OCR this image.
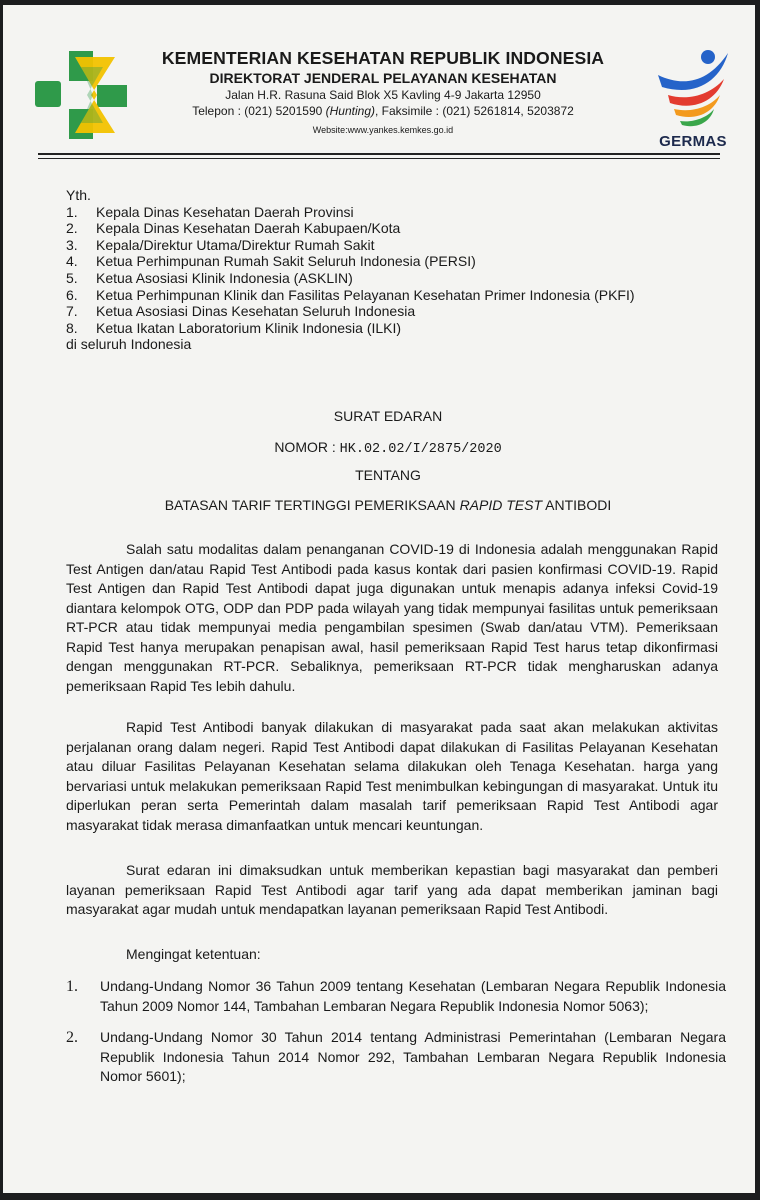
KEMENTERIAN KESEHATAN REPUBLIK INDONESIA
DIREKTORAT JENDERAL PELAYANAN KESEHATAN
Jalan H.R. Rasuna Said Blok X5 Kavling 4-9 Jakarta 12950
Telepon : (021) 5201590 (Hunting), Faksimile : (021) 5261814, 5203872
Website:www.yankes.kemkes.go.id
GERMAS
Yth.
1.	Kepala Dinas Kesehatan Daerah Provinsi
2.	Kepala Dinas Kesehatan Daerah Kabupaen/Kota
3.	Kepala/Direktur Utama/Direktur Rumah Sakit
4.	Ketua Perhimpunan Rumah Sakit Seluruh Indonesia (PERSI)
5.	Ketua Asosiasi Klinik Indonesia (ASKLIN)
6.	Ketua Perhimpunan Klinik dan Fasilitas Pelayanan Kesehatan Primer Indonesia (PKFI)
7.	Ketua Asosiasi Dinas Kesehatan Seluruh Indonesia
8.	Ketua Ikatan Laboratorium Klinik Indonesia (ILKI)
di seluruh Indonesia
SURAT EDARAN
NOMOR : HK.02.02/I/2875/2020
TENTANG
BATASAN TARIF TERTINGGI PEMERIKSAAN RAPID TEST ANTIBODI

Salah satu modalitas dalam penanganan COVID-19 di Indonesia adalah menggunakan Rapid Test Antigen dan/atau Rapid Test Antibodi pada kasus kontak dari pasien konfirmasi COVID-19. Rapid Test Antigen dan Rapid Test Antibodi dapat juga digunakan untuk menapis adanya infeksi Covid-19 diantara kelompok OTG, ODP dan PDP pada wilayah yang tidak mempunyai fasilitas untuk pemeriksaan RT-PCR atau tidak mempunyai media pengambilan spesimen (Swab dan/atau VTM). Pemeriksaan Rapid Test hanya merupakan penapisan awal, hasil pemeriksaan Rapid Test harus tetap dikonfirmasi dengan menggunakan RT-PCR. Sebaliknya, pemeriksaan RT-PCR tidak mengharuskan adanya pemeriksaan Rapid Tes lebih dahulu.

Rapid Test Antibodi banyak dilakukan di masyarakat pada saat akan melakukan aktivitas perjalanan orang dalam negeri. Rapid Test Antibodi dapat dilakukan di Fasilitas Pelayanan Kesehatan atau diluar Fasilitas Pelayanan Kesehatan selama dilakukan oleh Tenaga Kesehatan. harga yang bervariasi untuk melakukan pemeriksaan Rapid Test menimbulkan kebingungan di masyarakat. Untuk itu diperlukan peran serta Pemerintah dalam masalah tarif pemeriksaan Rapid Test Antibodi agar masyarakat tidak merasa dimanfaatkan untuk mencari keuntungan.

Surat edaran ini dimaksudkan untuk memberikan kepastian bagi masyarakat dan pemberi layanan pemeriksaan Rapid Test Antibodi agar tarif yang ada dapat memberikan jaminan bagi masyarakat agar mudah untuk mendapatkan layanan pemeriksaan Rapid Test Antibodi.

Mengingat ketentuan:

1.	Undang-Undang Nomor 36 Tahun 2009 tentang Kesehatan (Lembaran Negara Republik Indonesia Tahun 2009 Nomor 144, Tambahan Lembaran Negara Republik Indonesia Nomor 5063);
2.	Undang-Undang Nomor 30 Tahun 2014 tentang Administrasi Pemerintahan (Lembaran Negara Republik Indonesia Tahun 2014 Nomor 292, Tambahan Lembaran Negara Republik Indonesia Nomor 5601);
